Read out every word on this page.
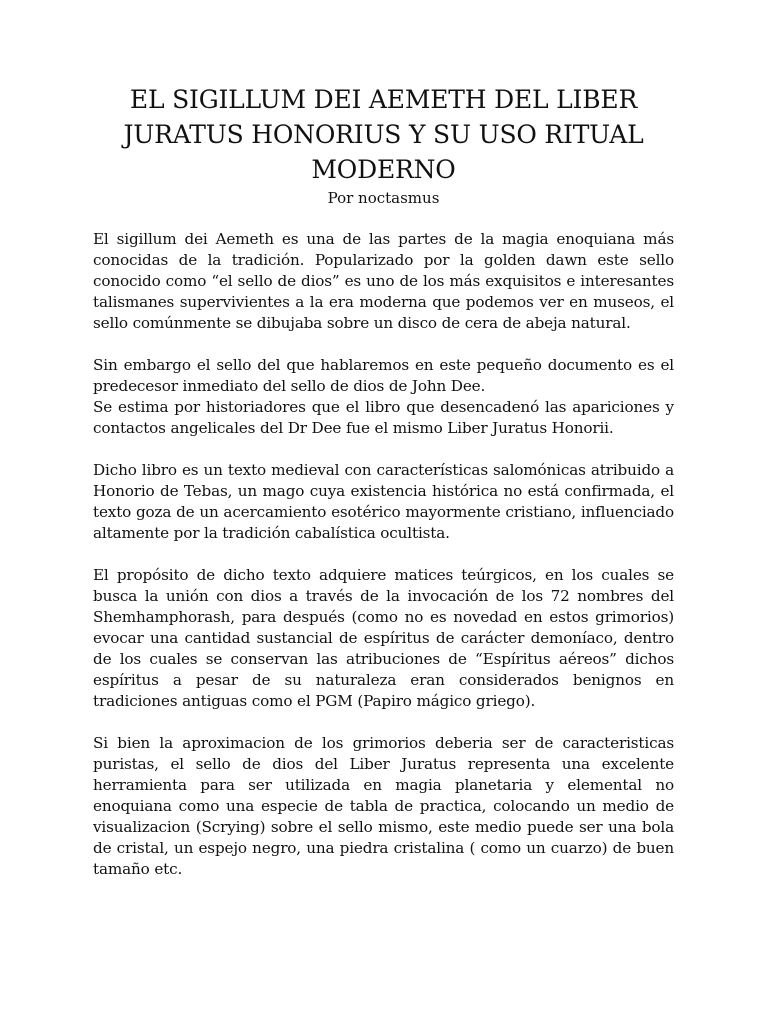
EL SIGILLUM DEI AEMETH DEL LIBER JURATUS HONORIUS Y SU USO RITUAL MODERNO
Por noctasmus

El sigillum dei Aemeth es una de las partes de la magia enoquiana más conocidas de la tradición. Popularizado por la golden dawn este sello conocido como “el sello de dios” es uno de los más exquisitos e interesantes talismanes supervivientes a la era moderna que podemos ver en museos, el sello comúnmente se dibujaba sobre un disco de cera de abeja natural.

Sin embargo el sello del que hablaremos en este pequeño documento es el predecesor inmediato del sello de dios de John Dee.

Se estima por historiadores que el libro que desencadenó las apariciones y contactos angelicales del Dr Dee fue el mismo Liber Juratus Honorii.

Dicho libro es un texto medieval con características salomónicas atribuido a Honorio de Tebas, un mago cuya existencia histórica no está confirmada, el texto goza de un acercamiento esotérico mayormente cristiano, influenciado altamente por la tradición cabalística ocultista.

El propósito de dicho texto adquiere matices teúrgicos, en los cuales se busca la unión con dios a través de la invocación de los 72 nombres del Shemhamphorash, para después (como no es novedad en estos grimorios) evocar una cantidad sustancial de espíritus de carácter demoníaco, dentro de los cuales se conservan las atribuciones de “Espíritus aéreos” dichos espíritus a pesar de su naturaleza eran considerados benignos en tradiciones antiguas como el PGM (Papiro mágico griego).

Si bien la aproximacion de los grimorios deberia ser de caracteristicas puristas, el sello de dios del Liber Juratus representa una excelente herramienta para ser utilizada en magia planetaria y elemental no enoquiana como una especie de tabla de practica, colocando un medio de visualizacion (Scrying) sobre el sello mismo, este medio puede ser una bola de cristal, un espejo negro, una piedra cristalina ( como un cuarzo) de buen tamaño etc.
